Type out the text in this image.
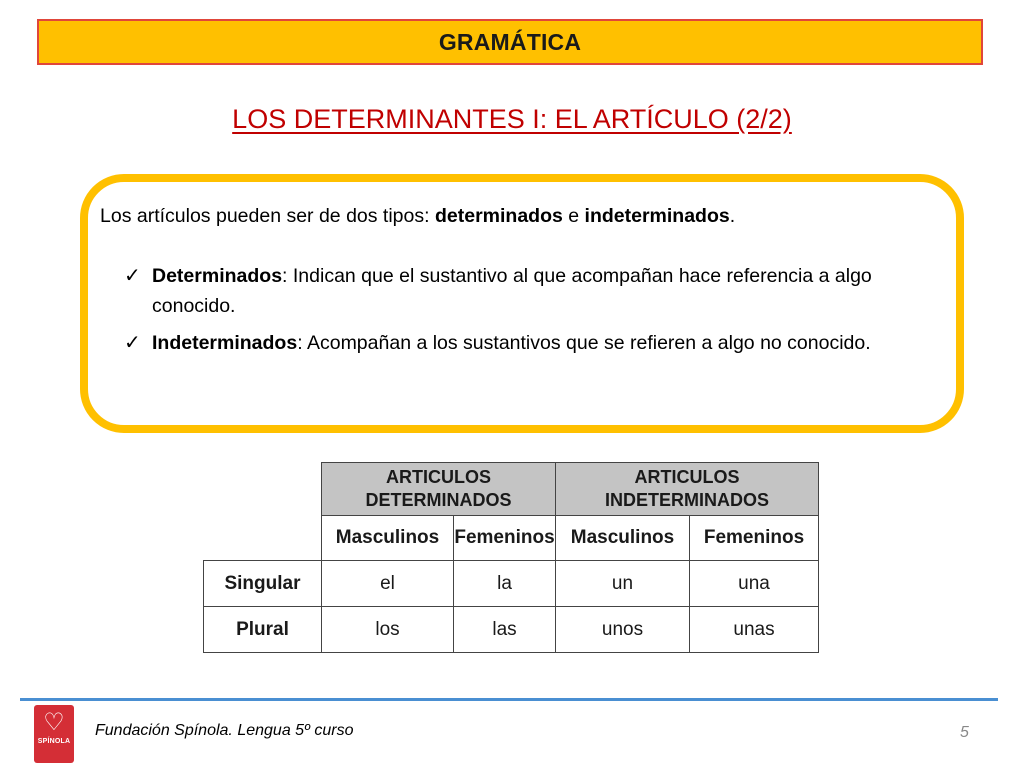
GRAMÁTICA
LOS DETERMINANTES I: EL ARTÍCULO (2/2)
Los artículos pueden ser de dos tipos: determinados e indeterminados.
✓ Determinados: Indican que el sustantivo al que acompañan hace referencia a algo conocido.
✓ Indeterminados: Acompañan a los sustantivos que se refieren a algo no conocido.
	ARTICULOS DETERMINADOS		ARTICULOS INDETERMINADOS	
	Masculinos	Femeninos	Masculinos	Femeninos
Singular	el	la	un	una
Plural	los	las	unos	unas
♡
SPÍNOLA
Fundación Spínola. Lengua 5º curso	5
